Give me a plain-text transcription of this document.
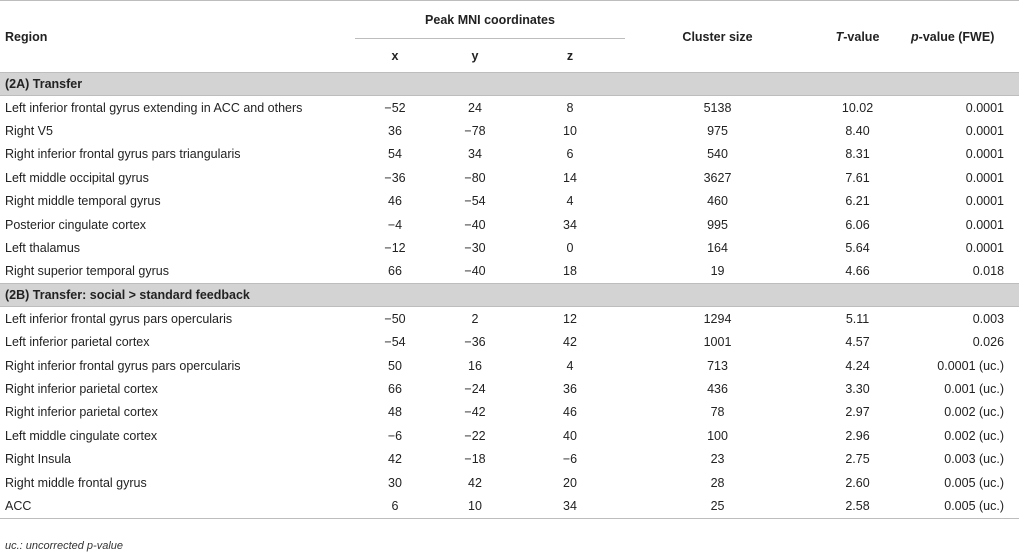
Region	Peak MNI coordinates			Cluster size	T-value	p-value (FWE)
	x	y	z			
(2A) Transfer						
Left inferior frontal gyrus extending in ACC and others	−52	24	8	5138	10.02	0.0001
Right V5	36	−78	10	975	8.40	0.0001
Right inferior frontal gyrus pars triangularis	54	34	6	540	8.31	0.0001
Left middle occipital gyrus	−36	−80	14	3627	7.61	0.0001
Right middle temporal gyrus	46	−54	4	460	6.21	0.0001
Posterior cingulate cortex	−4	−40	34	995	6.06	0.0001
Left thalamus	−12	−30	0	164	5.64	0.0001
Right superior temporal gyrus	66	−40	18	19	4.66	0.018
(2B) Transfer: social > standard feedback						
Left inferior frontal gyrus pars opercularis	−50	2	12	1294	5.11	0.003
Left inferior parietal cortex	−54	−36	42	1001	4.57	0.026
Right inferior frontal gyrus pars opercularis	50	16	4	713	4.24	0.0001 (uc.)
Right inferior parietal cortex	66	−24	36	436	3.30	0.001 (uc.)
Right inferior parietal cortex	48	−42	46	78	2.97	0.002 (uc.)
Left middle cingulate cortex	−6	−22	40	100	2.96	0.002 (uc.)
Right Insula	42	−18	−6	23	2.75	0.003 (uc.)
Right middle frontal gyrus	30	42	20	28	2.60	0.005 (uc.)
ACC	6	10	34	25	2.58	0.005 (uc.)
uc.: uncorrected p-value
